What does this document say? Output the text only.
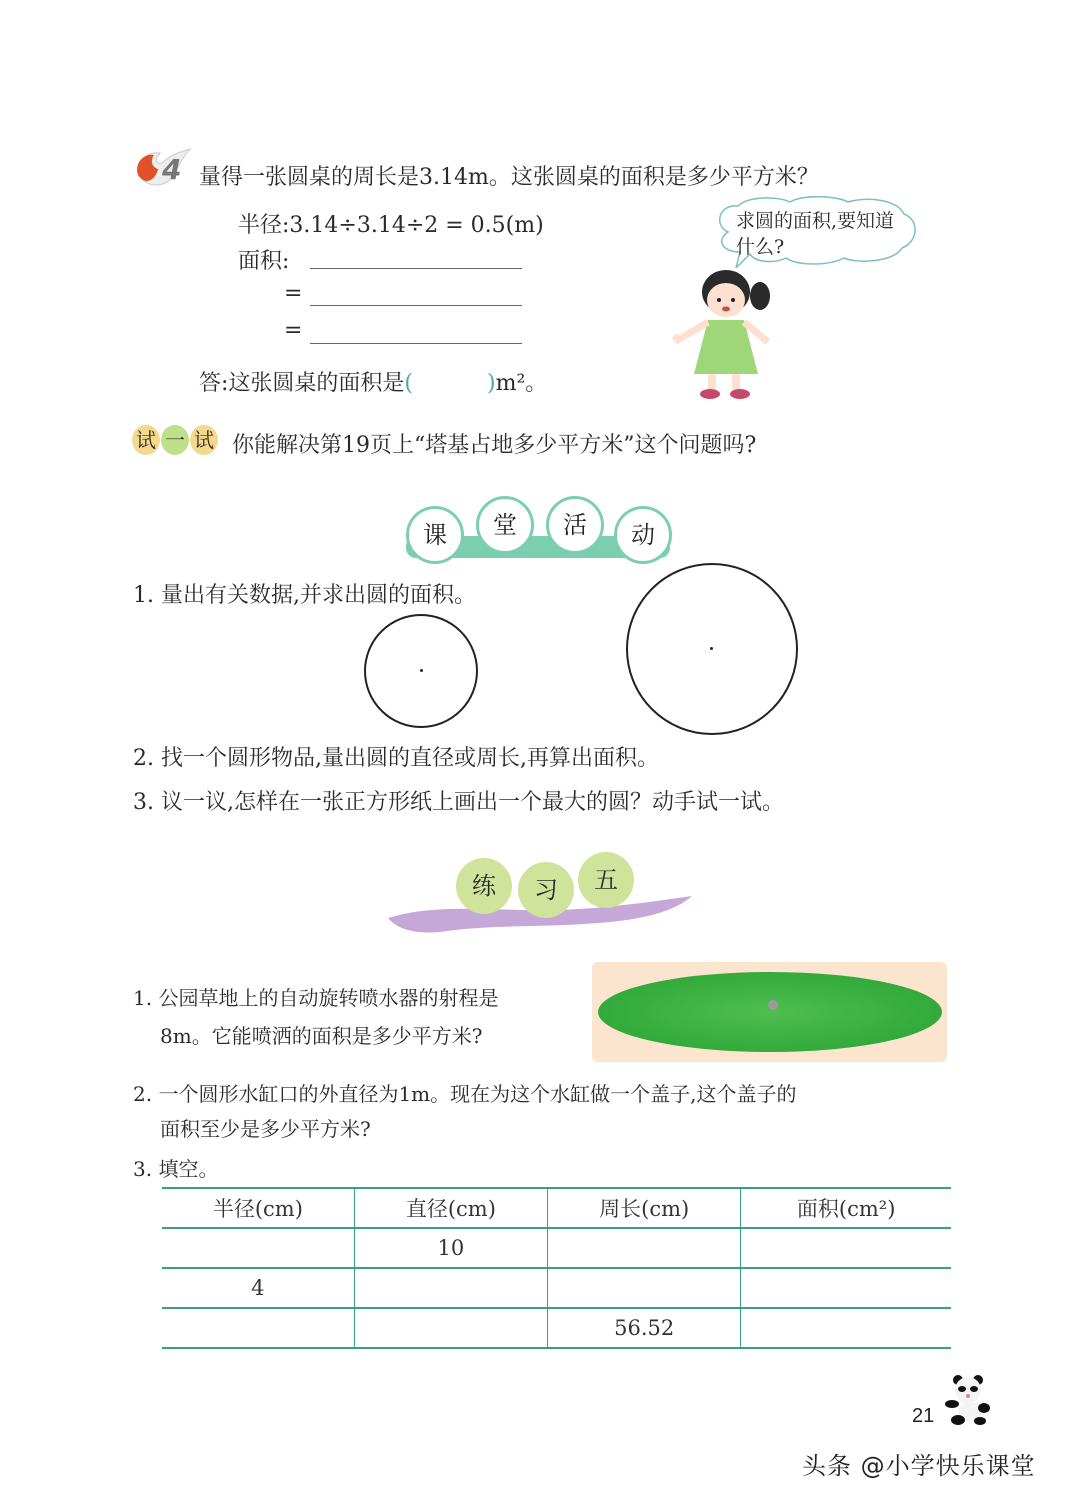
4 量得一张圆桌的周长是3.14m。这张圆桌的面积是多少平方米？
半径:3.14÷3.14÷2 = 0.5(m)
面积:
=
=
答:这张圆桌的面积是(	)m²。
求圆的面积,要知道什么?
试 一 试 你能解决第19页上“塔基占地多少平方米”这个问题吗?
课	堂	活	动
1. 量出有关数据,并求出圆的面积。
2. 找一个圆形物品,量出圆的直径或周长,再算出面积。
3. 议一议,怎样在一张正方形纸上画出一个最大的圆？动手试一试。
练	习	五
1. 公园草地上的自动旋转喷水器的射程是
8m。它能喷洒的面积是多少平方米?
2. 一个圆形水缸口的外直径为1m。现在为这个水缸做一个盖子,这个盖子的
面积至少是多少平方米?
3. 填空。
半径(cm)	直径(cm)	周长(cm)	面积(cm²)
	10		
4			
		56.52	
21
头条 @小学快乐课堂
